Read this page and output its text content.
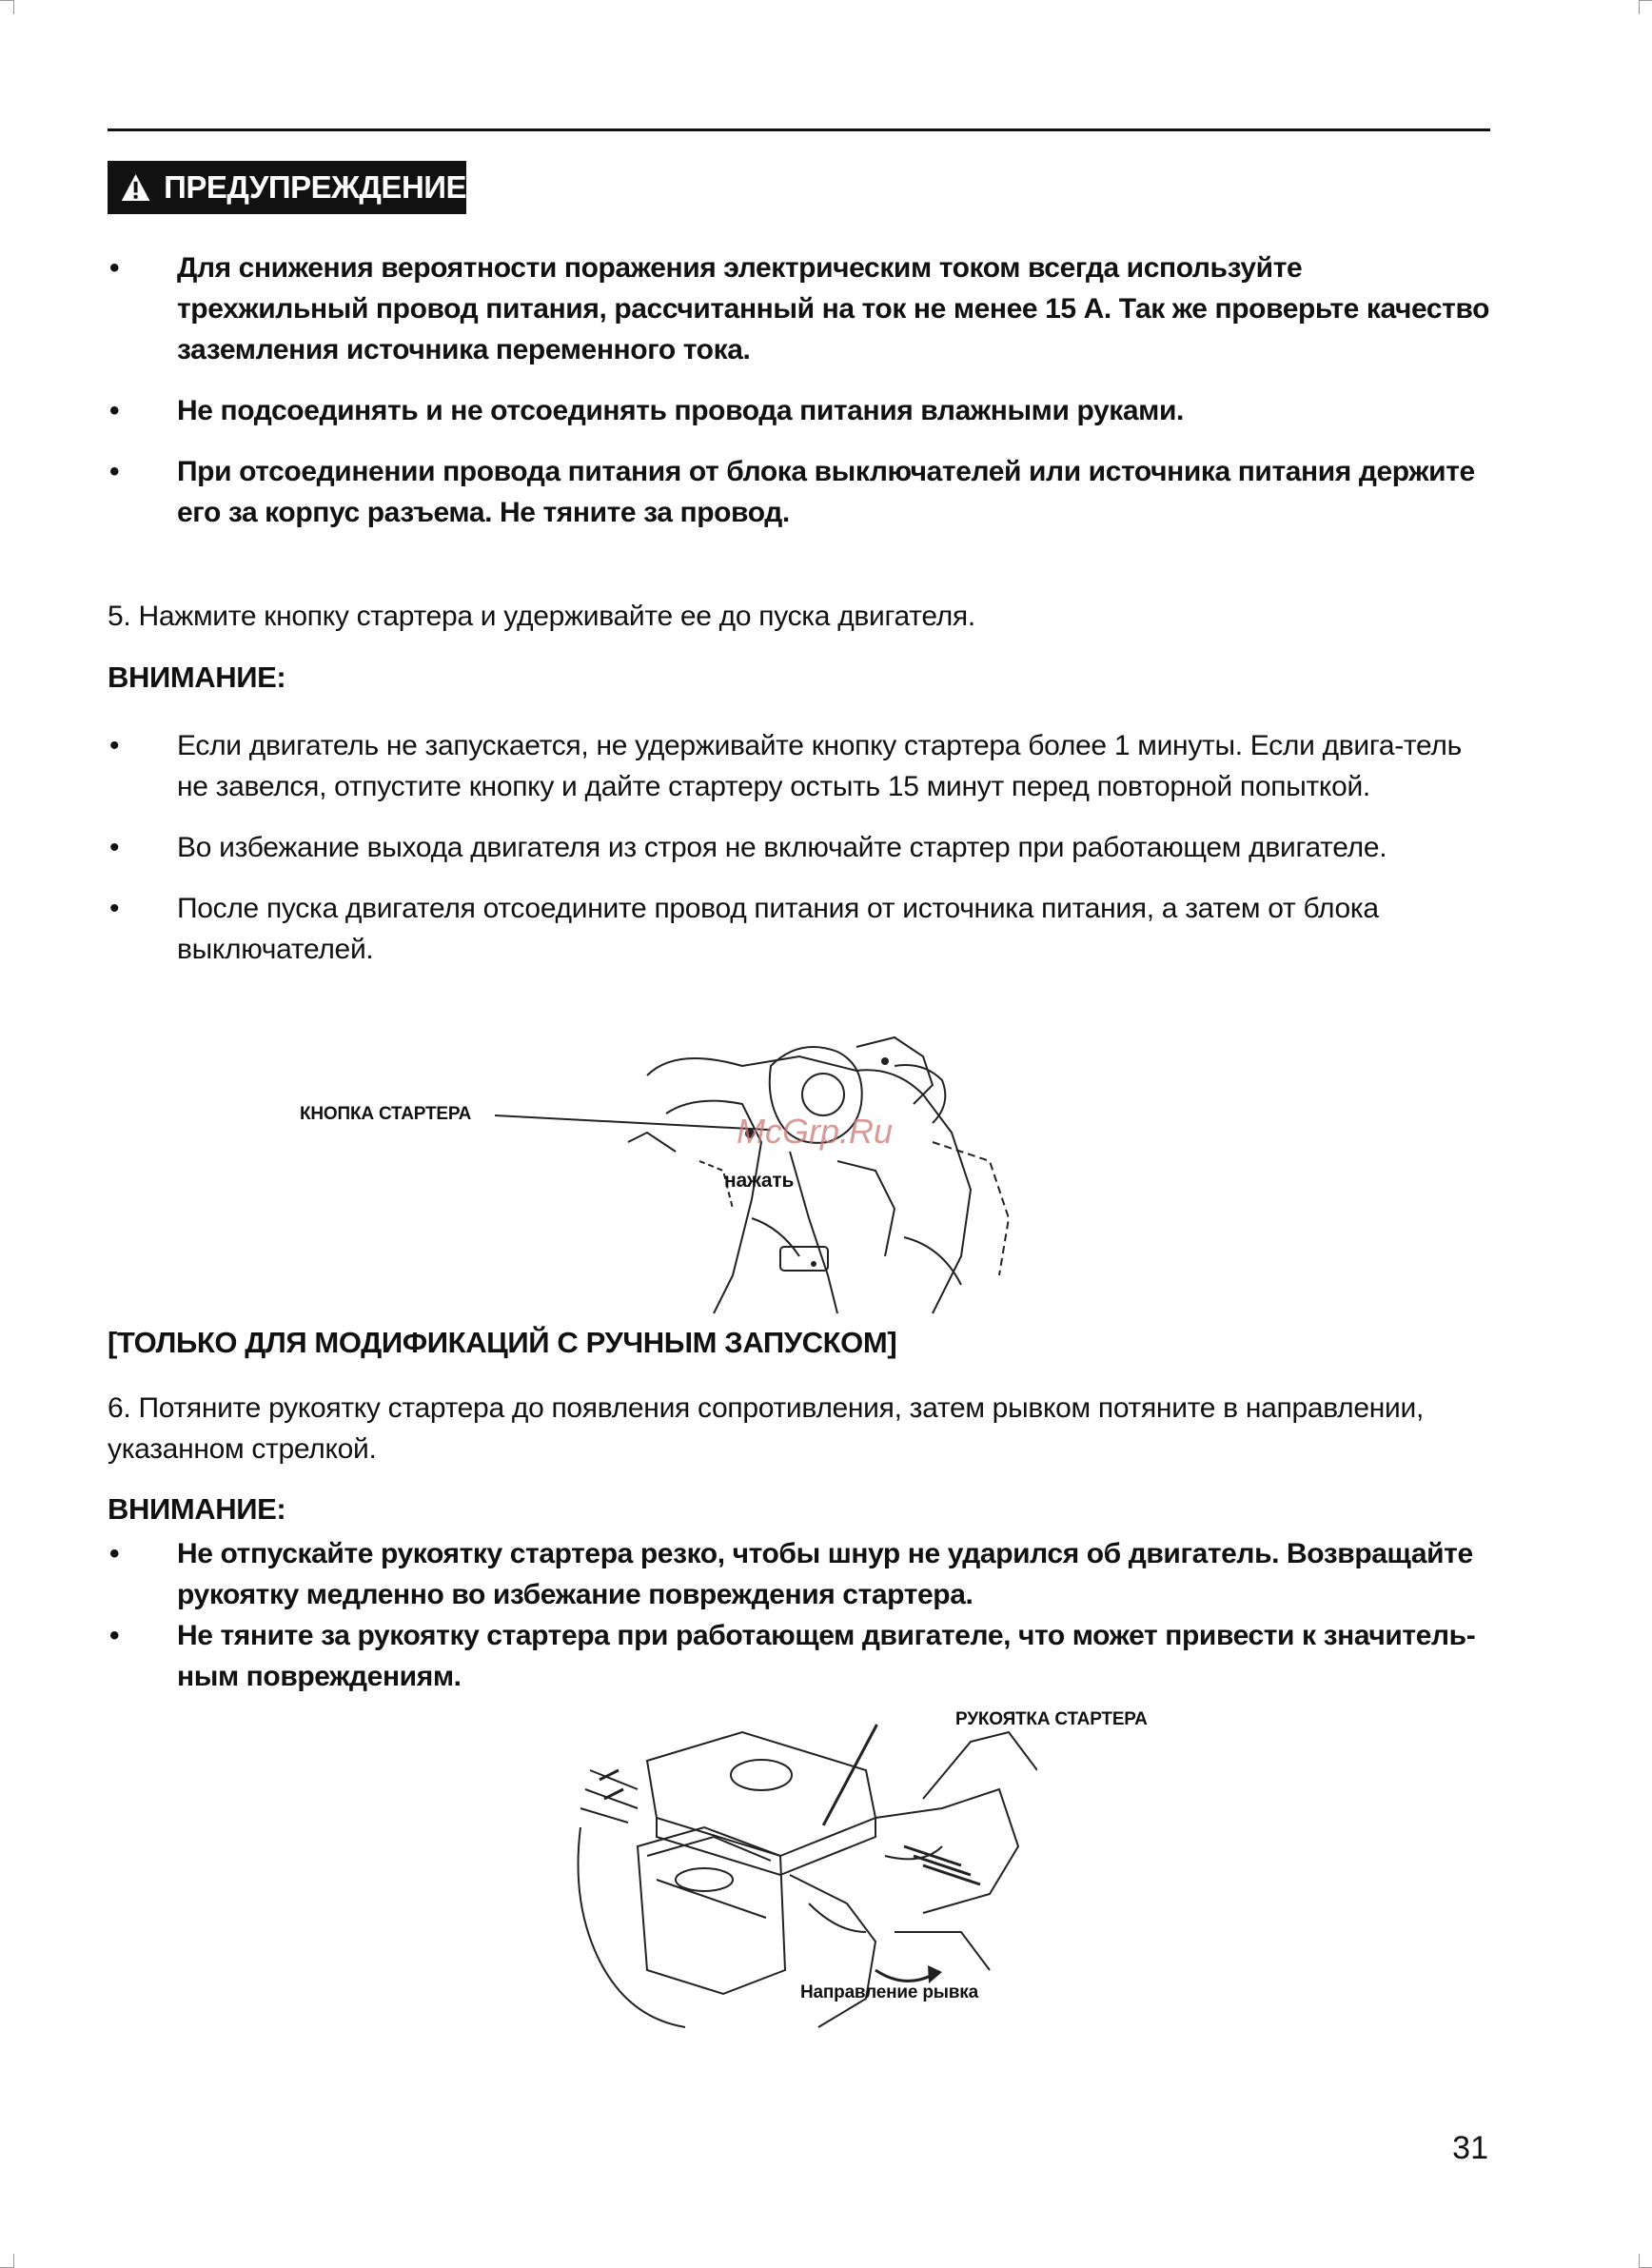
ПРЕДУПРЕЖДЕНИЕ
• Для снижения вероятности поражения электрическим током всегда используйте трехжильный провод питания, рассчитанный на ток не менее 15 А. Так же проверьте качество заземления источника переменного тока.
• Не подсоединять и не отсоединять провода питания влажными руками.
• При отсоединении провода питания от блока выключателей или источника питания держите его за корпус разъема. Не тяните за провод.
5. Нажмите кнопку стартера и удерживайте ее до пуска двигателя.
ВНИМАНИЕ:
• Если двигатель не запускается, не удерживайте кнопку стартера более 1 минуты. Если двига-тель не завелся, отпустите кнопку и дайте стартеру остыть 15 минут перед повторной попыткой.
• Во избежание выхода двигателя из строя не включайте стартер при работающем двигателе.
• После пуска двигателя отсоедините провод питания от источника питания, а затем от блока выключателей.
КНОПКА СТАРТЕРА
нажать
McGrp.Ru
[ТОЛЬКО ДЛЯ МОДИФИКАЦИЙ С РУЧНЫМ ЗАПУСКОМ]
6. Потяните рукоятку стартера до появления сопротивления, затем рывком потяните в направлении, указанном стрелкой.
ВНИМАНИЕ:
• Не отпускайте рукоятку стартера резко, чтобы шнур не ударился об двигатель. Возвращайте рукоятку медленно во избежание повреждения стартера.
• Не тяните за рукоятку стартера при работающем двигателе, что может привести к значитель-ным повреждениям.
РУКОЯТКА СТАРТЕРА
Направление рывка
31
